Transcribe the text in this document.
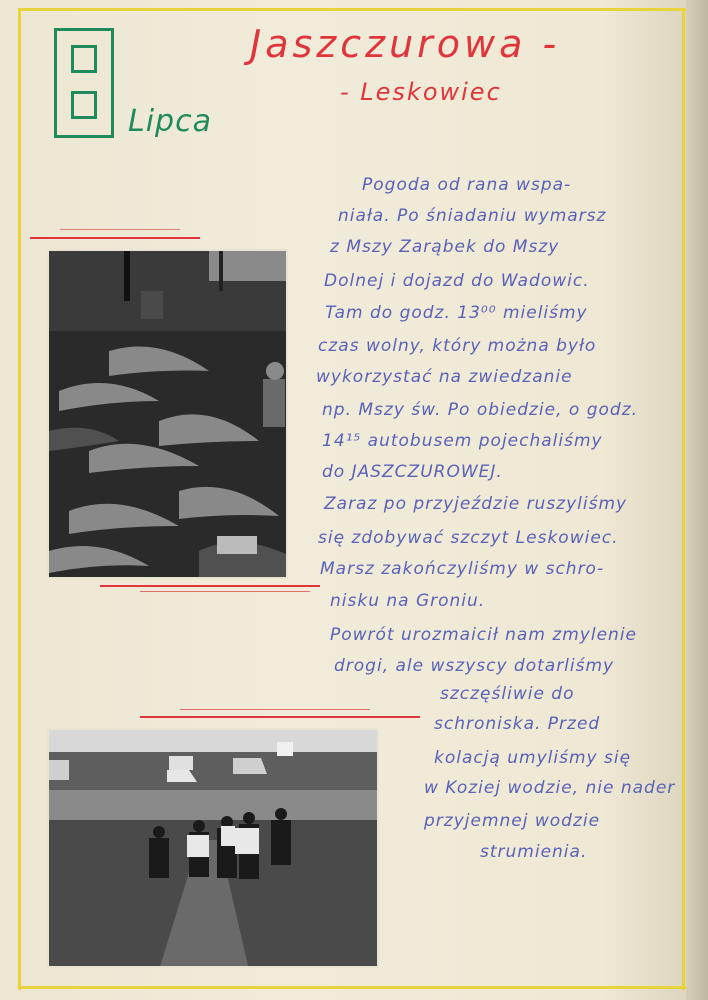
Lipca
Jaszczurowa -
- Leskowiec
Pogoda od rana wspa-
niała. Po śniadaniu wymarsz
z Mszy Zarąbek do Mszy
Dolnej i dojazd do Wadowic.
Tam do godz. 13⁰⁰ mieliśmy
czas wolny, który można było
wykorzystać na zwiedzanie
np. Mszy św. Po obiedzie, o godz.
14¹⁵ autobusem pojechaliśmy
do JASZCZUROWEJ.
Zaraz po przyjeździe ruszyliśmy
się zdobywać szczyt Leskowiec.
Marsz zakończyliśmy w schro-
nisku na Groniu.
Powrót urozmaicił nam zmylenie
drogi, ale wszyscy dotarliśmy
szczęśliwie do
schroniska. Przed
kolacją umyliśmy się
w Koziej wodzie, nie nader
przyjemnej wodzie
strumienia.
